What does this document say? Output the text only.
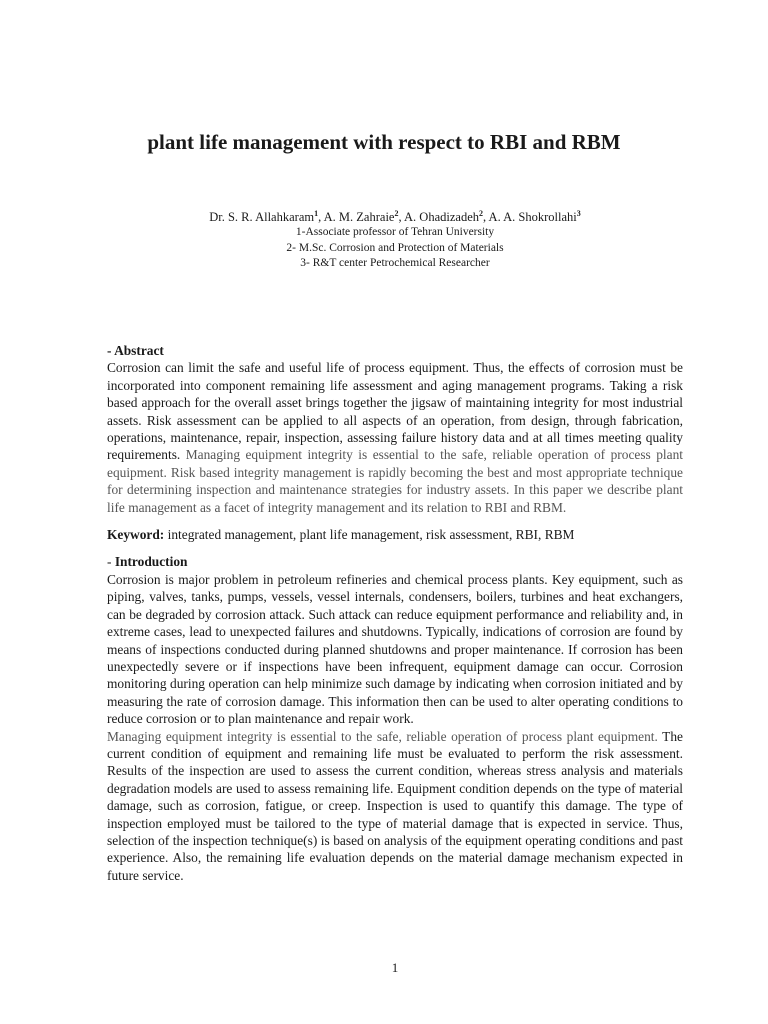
plant life management with respect to RBI and RBM
Dr. S. R. Allahkaram$^1$, A. M. Zahraie$^2$, A. Ohadizadeh$^2$, A. A. Shokrollahi$^3$
1-Associate professor of Tehran University
2- M.Sc. Corrosion and Protection of Materials
3- R&T center Petrochemical Researcher

- Abstract

Corrosion can limit the safe and useful life of process equipment. Thus, the effects of corrosion must be incorporated into component remaining life assessment and aging management programs. Taking a risk based approach for the overall asset brings together the jigsaw of maintaining integrity for most industrial assets. Risk assessment can be applied to all aspects of an operation, from design, through fabrication, operations, maintenance, repair, inspection, assessing failure history data and at all times meeting quality requirements. Managing equipment integrity is essential to the safe, reliable operation of process plant equipment. Risk based integrity management is rapidly becoming the best and most appropriate technique for determining inspection and maintenance strategies for industry assets. In this paper we describe plant life management as a facet of integrity management and its relation to RBI and RBM.

Keyword: integrated management, plant life management, risk assessment, RBI, RBM

- Introduction

Corrosion is major problem in petroleum refineries and chemical process plants. Key equipment, such as piping, valves, tanks, pumps, vessels, vessel internals, condensers, boilers, turbines and heat exchangers, can be degraded by corrosion attack. Such attack can reduce equipment performance and reliability and, in extreme cases, lead to unexpected failures and shutdowns. Typically, indications of corrosion are found by means of inspections conducted during planned shutdowns and proper maintenance. If corrosion has been unexpectedly severe or if inspections have been infrequent, equipment damage can occur. Corrosion monitoring during operation can help minimize such damage by indicating when corrosion initiated and by measuring the rate of corrosion damage. This information then can be used to alter operating conditions to reduce corrosion or to plan maintenance and repair work.

Managing equipment integrity is essential to the safe, reliable operation of process plant equipment. The current condition of equipment and remaining life must be evaluated to perform the risk assessment. Results of the inspection are used to assess the current condition, whereas stress analysis and materials degradation models are used to assess remaining life. Equipment condition depends on the type of material damage, such as corrosion, fatigue, or creep. Inspection is used to quantify this damage. The type of inspection employed must be tailored to the type of material damage that is expected in service. Thus, selection of the inspection technique(s) is based on analysis of the equipment operating conditions and past experience. Also, the remaining life evaluation depends on the material damage mechanism expected in future service.

1
